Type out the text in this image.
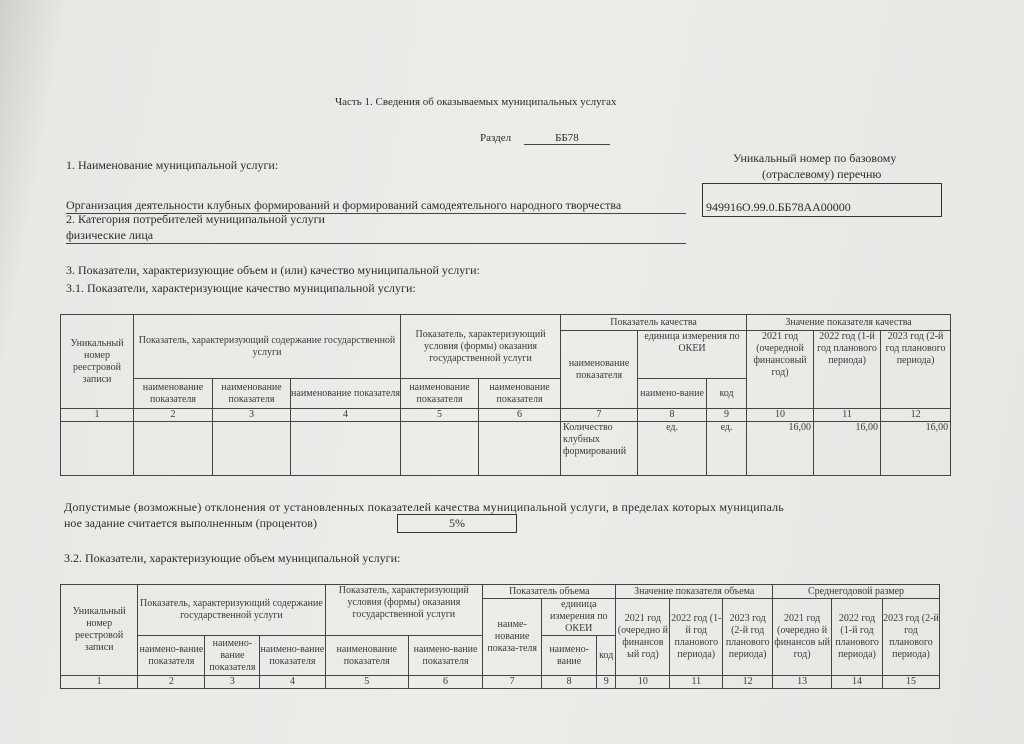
Часть 1. Сведения об оказываемых муниципальных услугах
Раздел	ББ78
1. Наименование муниципальной услуги:	Уникальный номер по базовому
(отраслевому) перечню
Организация деятельности клубных формирований и формирований самодеятельного народного творчества	949916О.99.0.ББ78АА00000
2. Категория потребителей муниципальной услуги
физические лица
3. Показатели, характеризующие объем и (или) качество муниципальной услуги:
3.1. Показатели, характеризующие качество муниципальной услуги:
Уникальный номер реестровой записи	Показатель, характеризующий содержание государственной услуги			Показатель, характеризующий условия (формы) оказания государственной услуги		Показатель качества			Значение показателя качества		
						наименование показателя	единица измерения по ОКЕИ		2021 год (очередной финансовый год)	2022 год (1-й год планового периода)	2023 год (2-й год планового периода)
	наименование показателя	наименование показателя	наименование показателя	наименование показателя	наименование показателя		наимено-вание	код			
1	2	3	4	5	6	7	8	9	10	11	12
						Количество клубных формирований	ед.	ед.	16,00	16,00	16,00
Допустимые (возможные) отклонения от установленных показателей качества муниципальной услуги, в пределах которых муниципаль
ное задание считается выполненным (процентов)	5%
3.2. Показатели, характеризующие объем муниципальной услуги:
Уникальный номер реестровой записи	Показатель, характеризующий содержание государственной услуги			Показатель, характеризующий условия (формы) оказания государственной услуги		Показатель объема			Значение показателя объема			Среднегодовой размер		
						наиме-нование показа-теля	единица измерения по ОКЕИ		2021 год (очередно й финансов ый год)	2022 год (1-й год планового периода)	2023 год (2-й год планового периода)	2021 год (очередно й финансов ый год)	2022 год (1-й год планового периода)	2023 год (2-й год планового периода)
	наимено-вание показателя	наимено-вание показателя	наимено-вание показателя	наименование показателя	наимено-вание показателя		наимено-вание	код						
1	2	3	4	5	6	7	8	9	10	11	12	13	14	15
